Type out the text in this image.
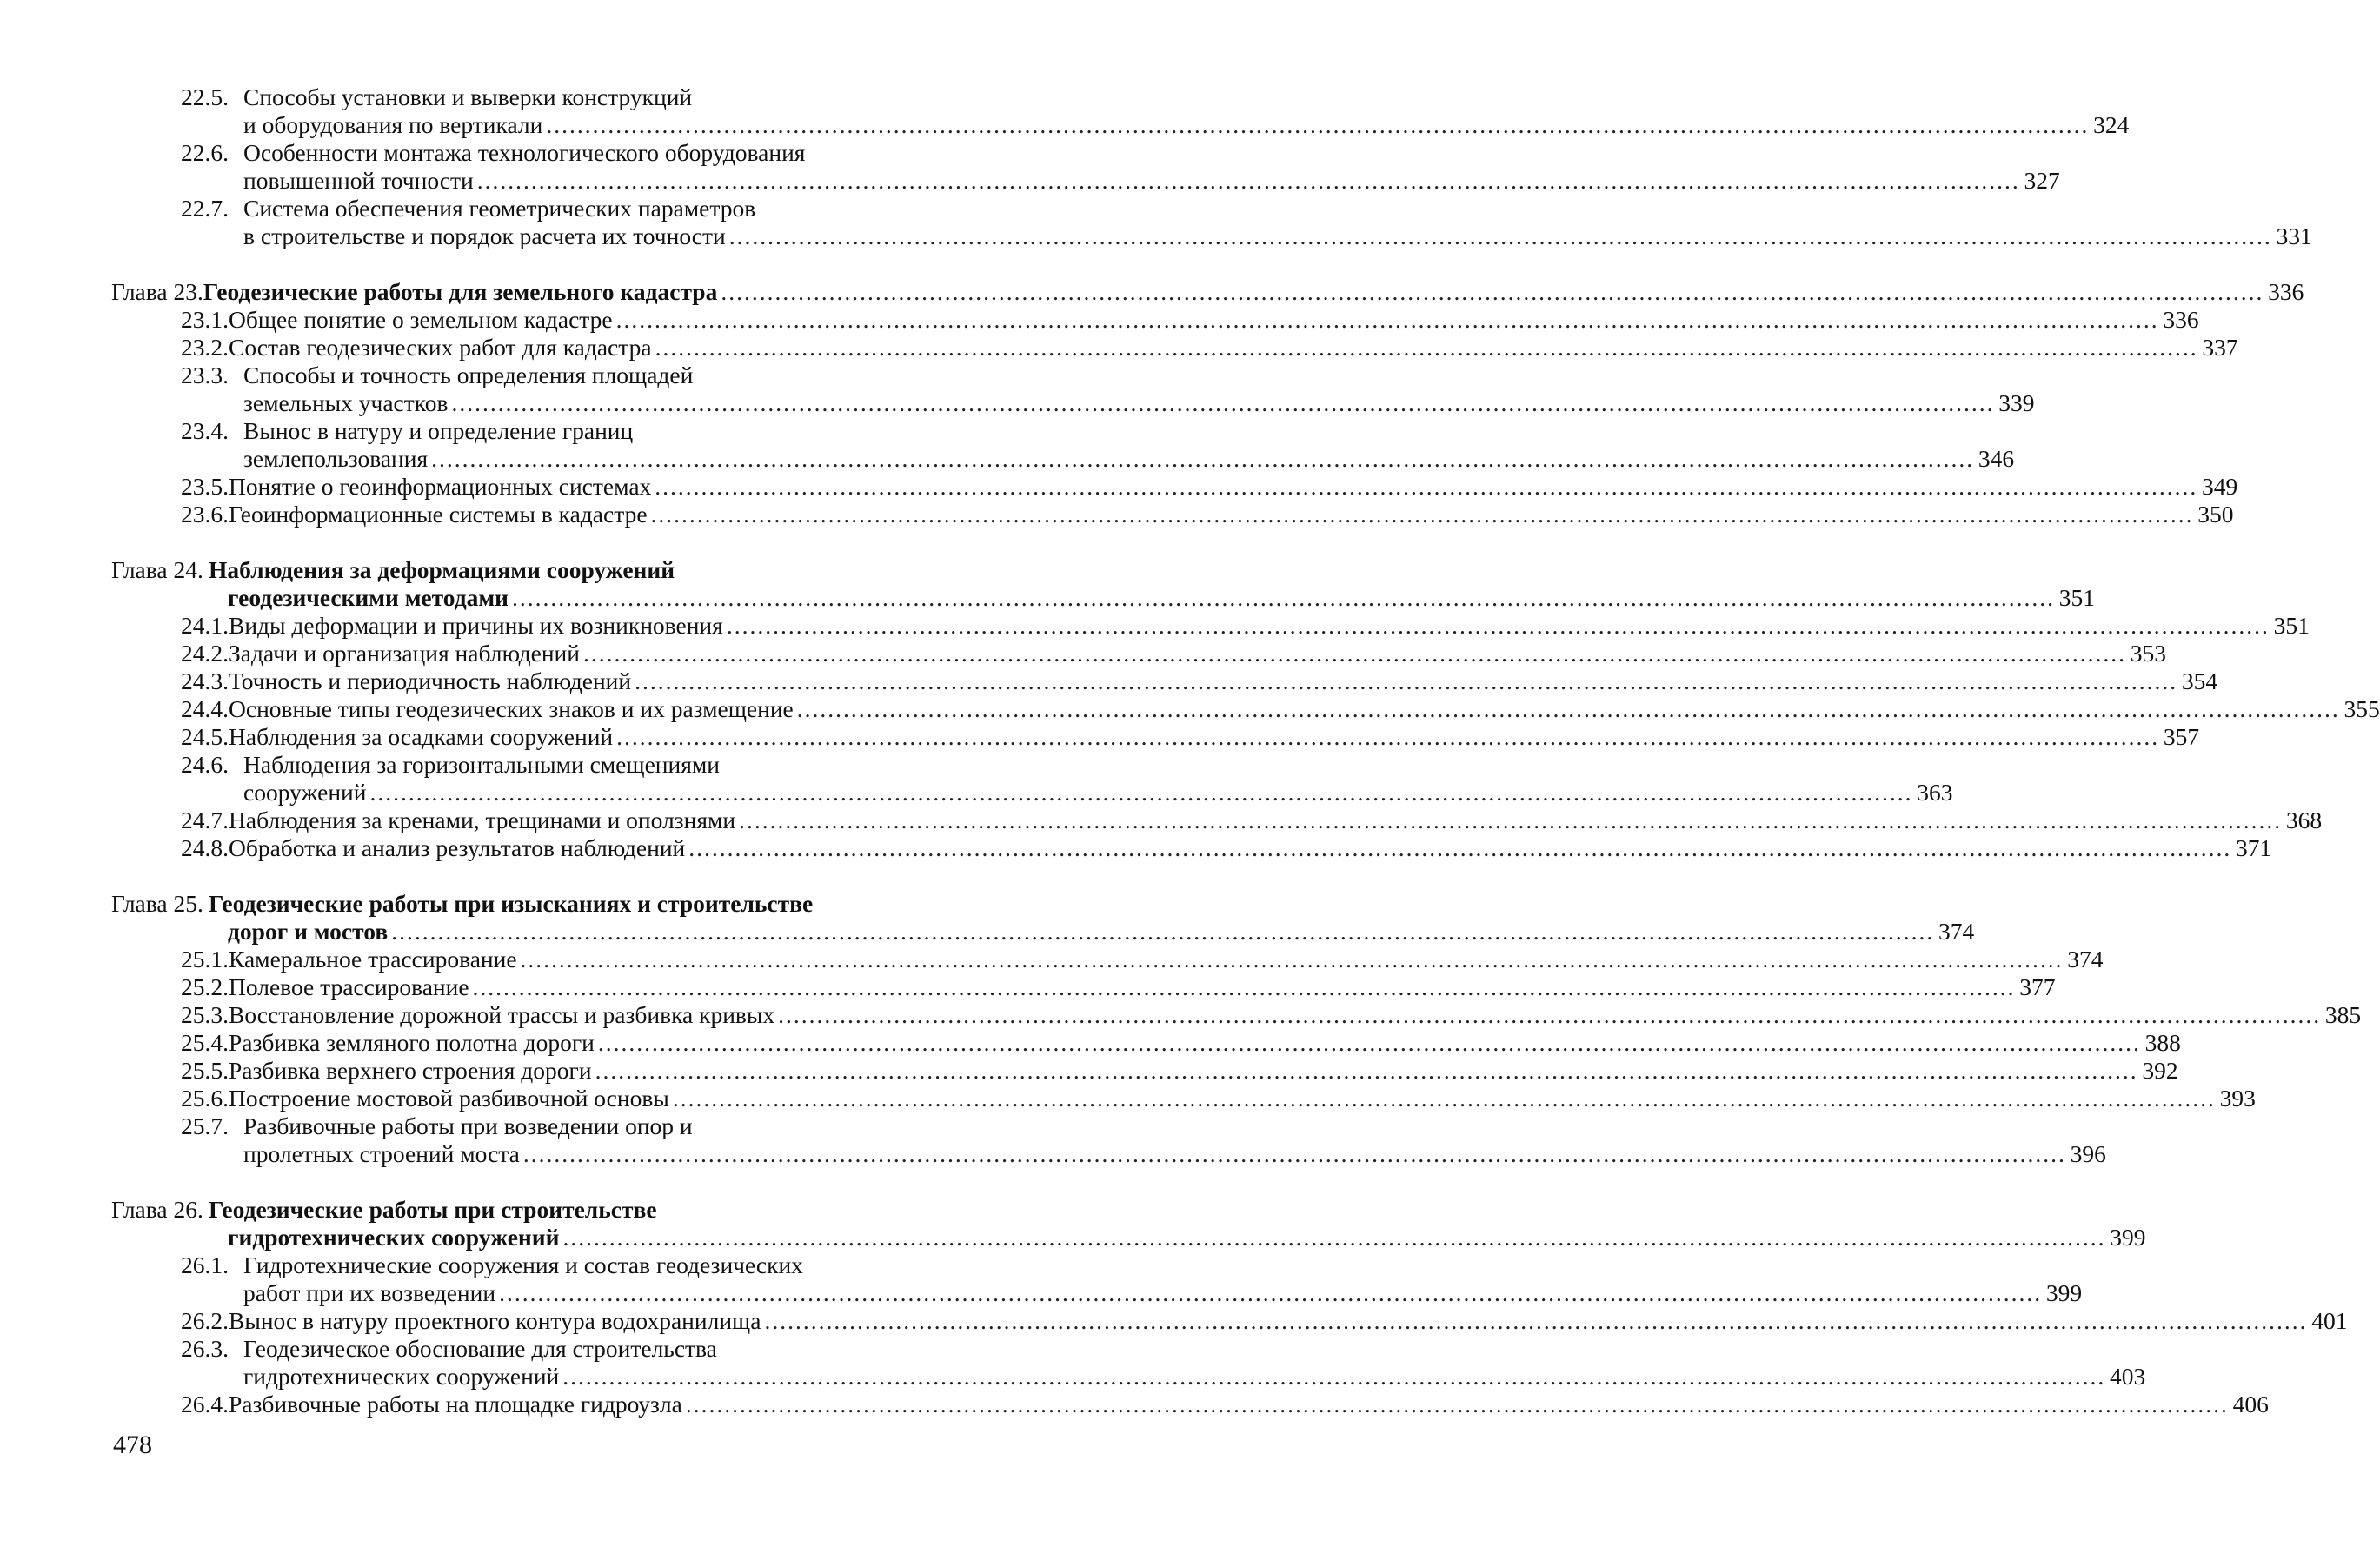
22.5. Способы установки и выверки конструкций
и оборудования по вертикали ........................................................................................................................................................................................................ 324
22.6. Особенности монтажа технологического оборудования
повышенной точности ........................................................................................................................................................................................................ 327
22.7. Система обеспечения геометрических параметров
в строительстве и порядок расчета их точности ........................................................................................................................................................................................................ 331
Глава 23. Геодезические работы для земельного кадастра ........................................................................................................................................................................................................ 336
23.1. Общее понятие о земельном кадастре ........................................................................................................................................................................................................ 336
23.2. Состав геодезических работ для кадастра ........................................................................................................................................................................................................ 337
23.3. Способы и точность определения площадей
земельных участков ........................................................................................................................................................................................................ 339
23.4. Вынос в натуру и определение границ
землепользования ........................................................................................................................................................................................................ 346
23.5. Понятие о геоинформационных системах ........................................................................................................................................................................................................ 349
23.6. Геоинформационные системы в кадастре ........................................................................................................................................................................................................ 350
Глава 24. Наблюдения за деформациями сооружений
геодезическими методами ........................................................................................................................................................................................................ 351
24.1. Виды деформации и причины их возникновения ........................................................................................................................................................................................................ 351
24.2. Задачи и организация наблюдений ........................................................................................................................................................................................................ 353
24.3. Точность и периодичность наблюдений ........................................................................................................................................................................................................ 354
24.4. Основные типы геодезических знаков и их размещение ........................................................................................................................................................................................................ 355
24.5. Наблюдения за осадками сооружений ........................................................................................................................................................................................................ 357
24.6. Наблюдения за горизонтальными смещениями
сооружений ........................................................................................................................................................................................................ 363
24.7. Наблюдения за кренами, трещинами и оползнями ........................................................................................................................................................................................................ 368
24.8. Обработка и анализ результатов наблюдений ........................................................................................................................................................................................................ 371
Глава 25. Геодезические работы при изысканиях и строительстве
дорог и мостов ........................................................................................................................................................................................................ 374
25.1. Камеральное трассирование ........................................................................................................................................................................................................ 374
25.2. Полевое трассирование ........................................................................................................................................................................................................ 377
25.3. Восстановление дорожной трассы и разбивка кривых ........................................................................................................................................................................................................ 385
25.4. Разбивка земляного полотна дороги ........................................................................................................................................................................................................ 388
25.5. Разбивка верхнего строения дороги ........................................................................................................................................................................................................ 392
25.6. Построение мостовой разбивочной основы ........................................................................................................................................................................................................ 393
25.7. Разбивочные работы при возведении опор и
пролетных строений моста ........................................................................................................................................................................................................ 396
Глава 26. Геодезические работы при строительстве
гидротехнических сооружений ........................................................................................................................................................................................................ 399
26.1. Гидротехнические сооружения и состав геодезических
работ при их возведении ........................................................................................................................................................................................................ 399
26.2. Вынос в натуру проектного контура водохранилища ........................................................................................................................................................................................................ 401
26.3. Геодезическое обоснование для строительства
гидротехнических сооружений ........................................................................................................................................................................................................ 403
26.4. Разбивочные работы на площадке гидроузла ........................................................................................................................................................................................................ 406
478
